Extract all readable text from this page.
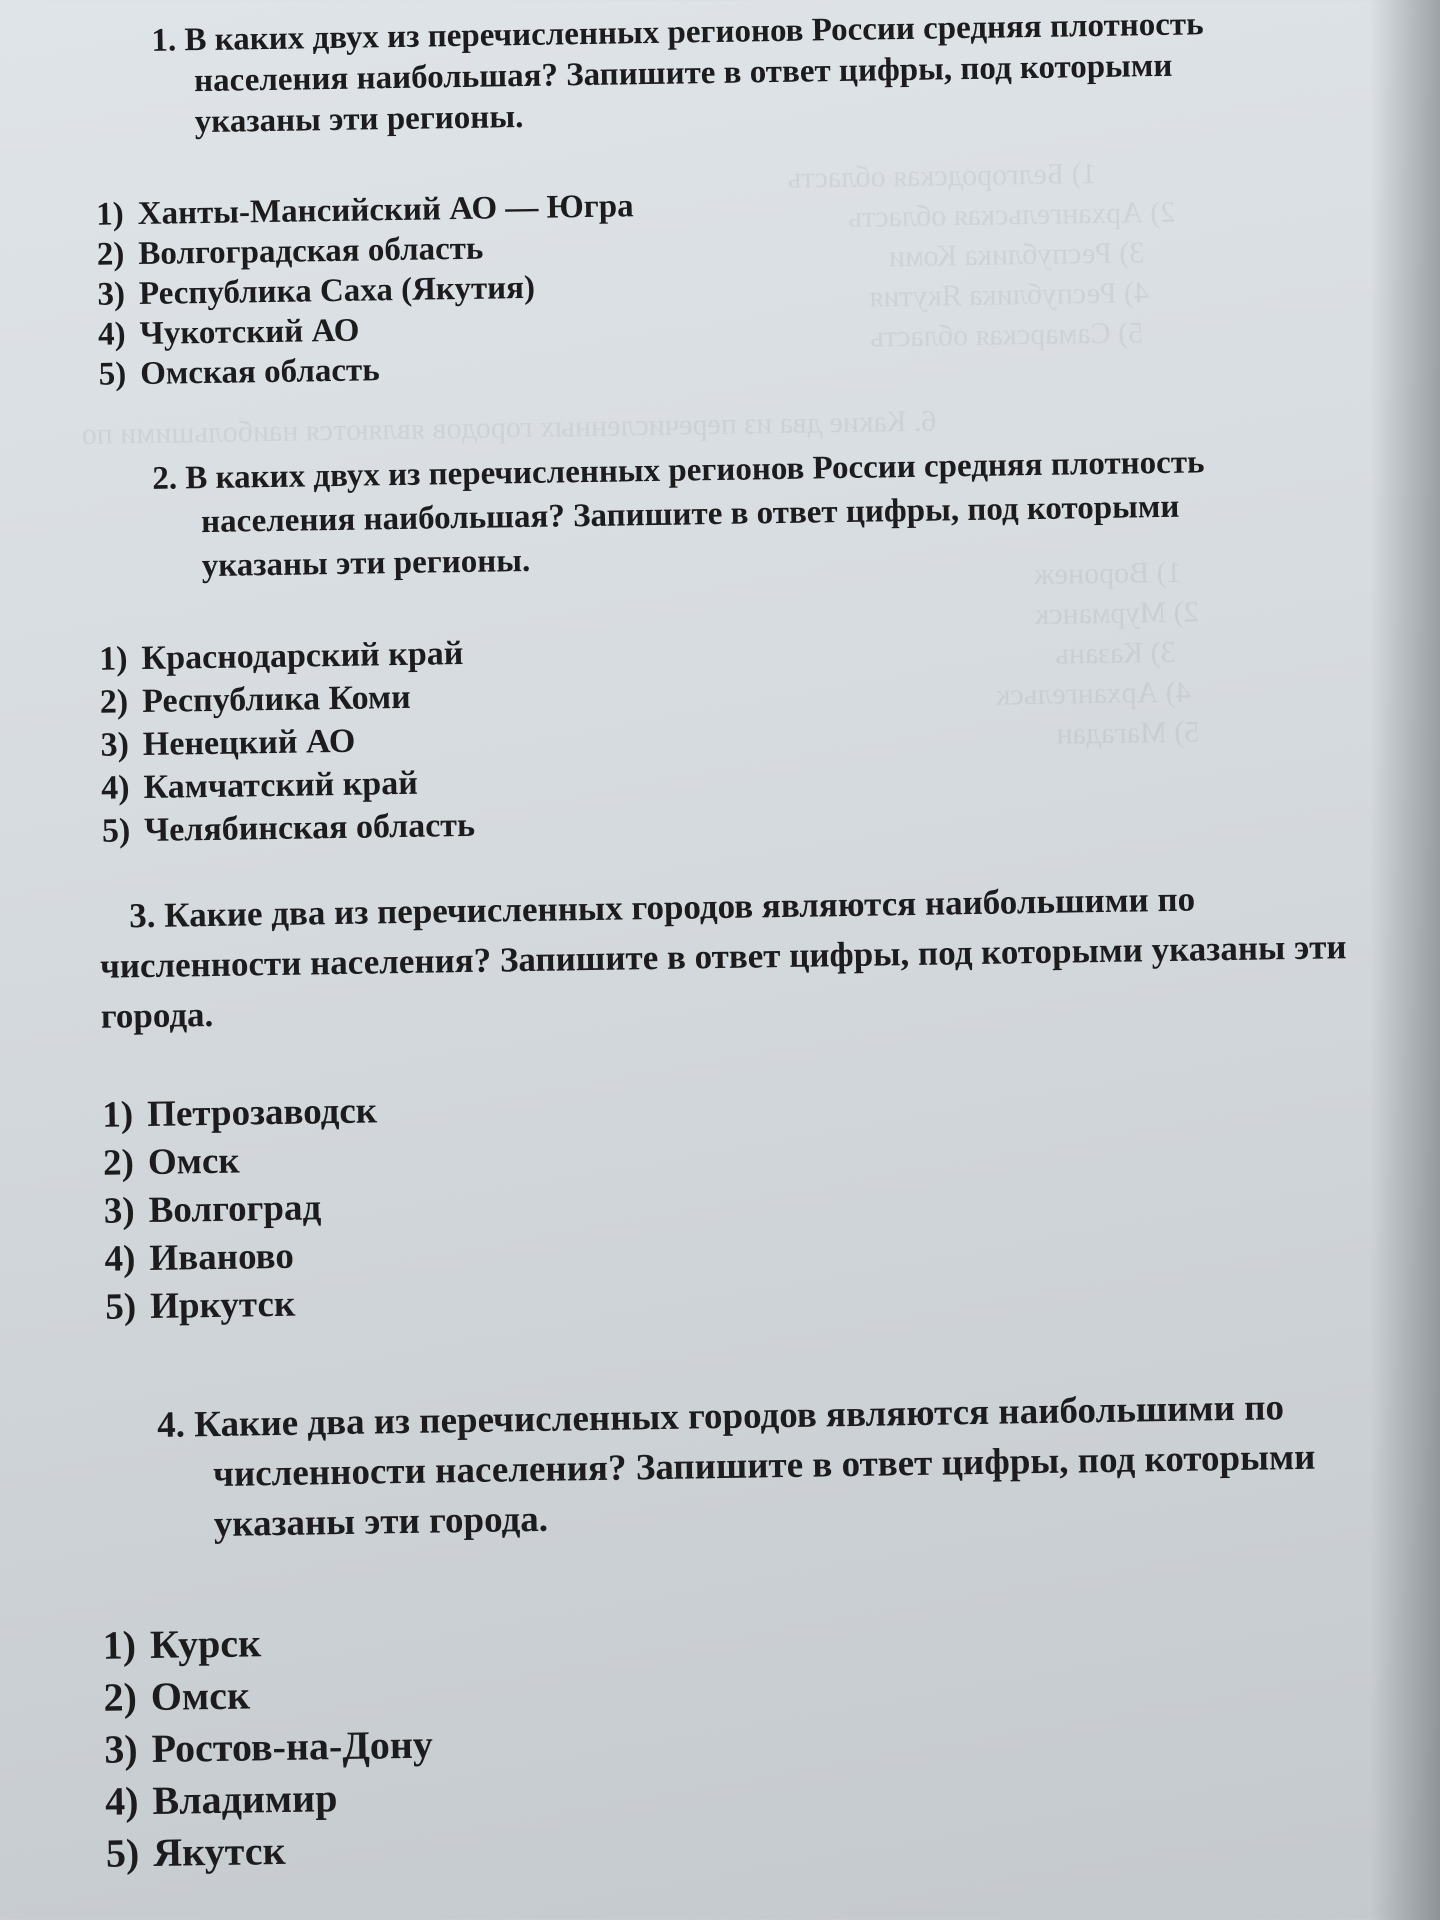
1) Белгородская область
2) Архангельская область
3) Республика Коми
4) Республика Якутия
5) Самарская область
6. Какие два из перечисленных городов являются наибольшими по
1) Воронеж
2) Мурманск
3) Казань
4) Архангельск
5) Магадан

1. В каких двух из перечисленных регионов России средняя плотность населения наибольшая? Запишите в ответ цифры, под которыми указаны эти регионы.

1) Ханты-Мансийский АО — Югра
2) Волгоградская область
3) Республика Саха (Якутия)
4) Чукотский АО
5) Омская область

2. В каких двух из перечисленных регионов России средняя плотность населения наибольшая? Запишите в ответ цифры, под которыми указаны эти регионы.

1) Краснодарский край
2) Республика Коми
3) Ненецкий АО
4) Камчатский край
5) Челябинская область

3. Какие два из перечисленных городов являются наибольшими по численности населения? Запишите в ответ цифры, под которыми указаны эти города.

1) Петрозаводск
2) Омск
3) Волгоград
4) Иваново
5) Иркутск

4. Какие два из перечисленных городов являются наибольшими по численности населения? Запишите в ответ цифры, под которыми указаны эти города.

1) Курск
2) Омск
3) Ростов-на-Дону
4) Владимир
5) Якутск
